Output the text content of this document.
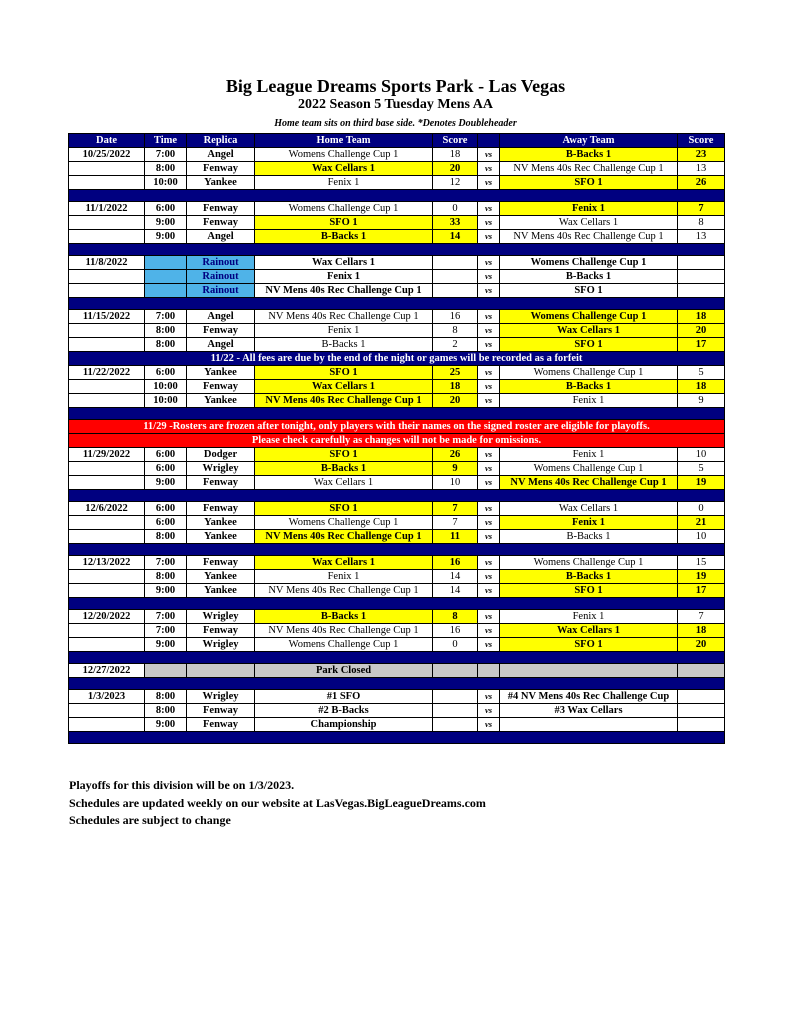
Big League Dreams Sports Park - Las Vegas
2022 Season 5 Tuesday Mens AA
Home team sits on third base side. *Denotes Doubleheader
Date	Time	Replica	Home Team	Score		Away Team	Score
10/25/2022	7:00	Angel	Womens Challenge Cup 1	18	vs	B-Backs 1	23
	8:00	Fenway	Wax Cellars 1	20	vs	NV Mens 40s Rec Challenge Cup 1	13
	10:00	Yankee	Fenix 1	12	vs	SFO 1	26

11/1/2022	6:00	Fenway	Womens Challenge Cup 1	0	vs	Fenix 1	7
	9:00	Fenway	SFO 1	33	vs	Wax Cellars 1	8
	9:00	Angel	B-Backs 1	14	vs	NV Mens 40s Rec Challenge Cup 1	13

11/8/2022		Rainout	Wax Cellars 1		vs	Womens Challenge Cup 1	
		Rainout	Fenix 1		vs	B-Backs 1	
		Rainout	NV Mens 40s Rec Challenge Cup 1		vs	SFO 1	

11/15/2022	7:00	Angel	NV Mens 40s Rec Challenge Cup 1	16	vs	Womens Challenge Cup 1	18
	8:00	Fenway	Fenix 1	8	vs	Wax Cellars 1	20
	8:00	Angel	B-Backs 1	2	vs	SFO 1	17
11/22 - All fees are due by the end of the night or games will be recorded as a forfeit							
11/22/2022	6:00	Yankee	SFO 1	25	vs	Womens Challenge Cup 1	5
	10:00	Fenway	Wax Cellars 1	18	vs	B-Backs 1	18
	10:00	Yankee	NV Mens 40s Rec Challenge Cup 1	20	vs	Fenix 1	9

11/29 -Rosters are frozen after tonight, only players with their names on the signed roster are eligible for playoffs.							
Please check carefully as changes will not be made for omissions.							
11/29/2022	6:00	Dodger	SFO 1	26	vs	Fenix 1	10
	6:00	Wrigley	B-Backs 1	9	vs	Womens Challenge Cup 1	5
	9:00	Fenway	Wax Cellars 1	10	vs	NV Mens 40s Rec Challenge Cup 1	19

12/6/2022	6:00	Fenway	SFO 1	7	vs	Wax Cellars 1	0
	6:00	Yankee	Womens Challenge Cup 1	7	vs	Fenix 1	21
	8:00	Yankee	NV Mens 40s Rec Challenge Cup 1	11	vs	B-Backs 1	10

12/13/2022	7:00	Fenway	Wax Cellars 1	16	vs	Womens Challenge Cup 1	15
	8:00	Yankee	Fenix 1	14	vs	B-Backs 1	19
	9:00	Yankee	NV Mens 40s Rec Challenge Cup 1	14	vs	SFO 1	17

12/20/2022	7:00	Wrigley	B-Backs 1	8	vs	Fenix 1	7
	7:00	Fenway	NV Mens 40s Rec Challenge Cup 1	16	vs	Wax Cellars 1	18
	9:00	Wrigley	Womens Challenge Cup 1	0	vs	SFO 1	20

12/27/2022			Park Closed				

1/3/2023	8:00	Wrigley	#1 SFO		vs	#4 NV Mens 40s Rec Challenge Cup	
	8:00	Fenway	#2 B-Backs		vs	#3 Wax Cellars	
	9:00	Fenway	Championship		vs		

Playoffs for this division will be on 1/3/2023.
Schedules are updated weekly on our website at LasVegas.BigLeagueDreams.com
Schedules are subject to change
